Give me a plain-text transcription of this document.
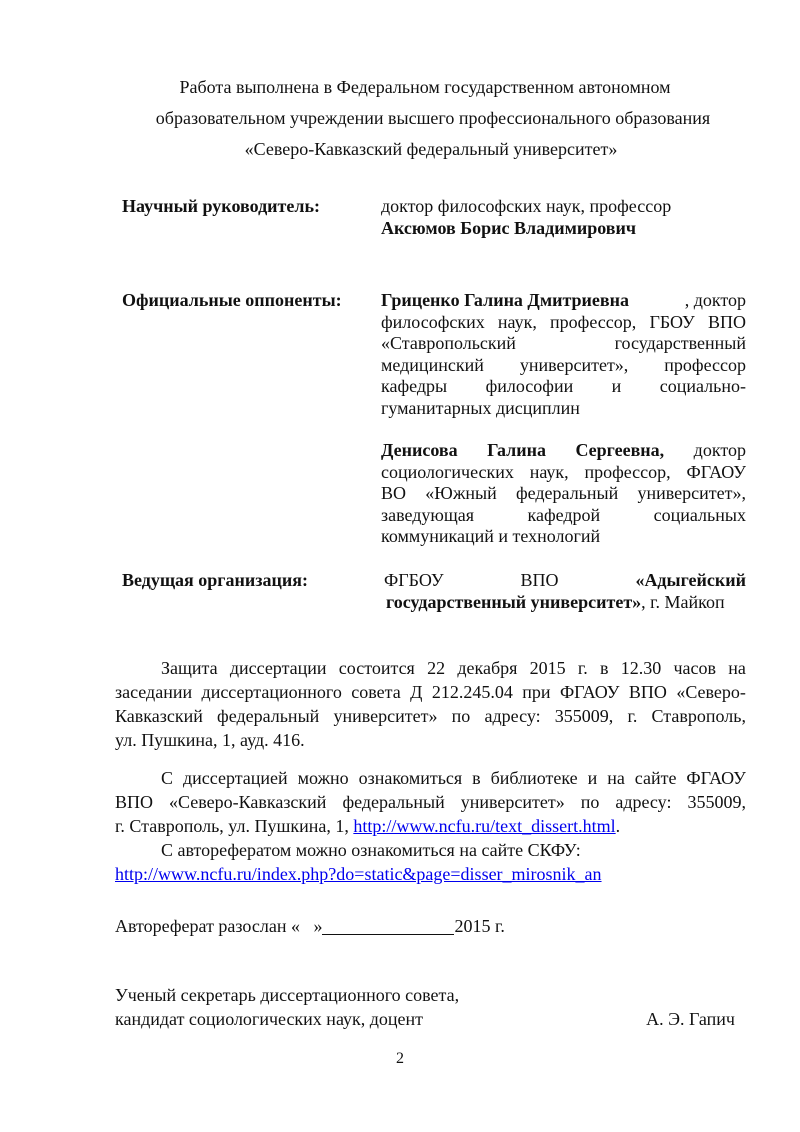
Работа выполнена в Федеральном государственном автономном
образовательном учреждении высшего профессионального образования
«Северо-Кавказский федеральный университет»
Научный руководитель:	доктор философских наук, профессор
Аксюмов Борис Владимирович
Официальные оппоненты: Гриценко Галина Дмитриевна	, доктор
философских наук, профессор, ГБОУ ВПО
«Ставропольский	государственный
медицинский университет», профессор
кафедры философии и социально-
гуманитарных дисциплин
Денисова Галина Сергеевна, доктор
социологических наук, профессор, ФГАОУ
ВО «Южный федеральный университет»,
заведующая	кафедрой	социальных
коммуникаций и технологий
Ведущая организация:	ФГБОУ	ВПО	«Адыгейский
государственный университет», г. Майкоп
Защита диссертации состоится 22 декабря 2015 г. в 12.30 часов на
заседании диссертационного совета Д 212.245.04 при ФГАОУ ВПО «Северо-
Кавказский федеральный университет» по адресу: 355009, г. Ставрополь,
ул. Пушкина, 1, ауд. 416.
С диссертацией можно ознакомиться в библиотеке и на сайте ФГАОУ
ВПО «Северо-Кавказский федеральный университет» по адресу: 355009,
г. Ставрополь, ул. Пушкина, 1, http://www.ncfu.ru/text_dissert.html .
С авторефератом можно ознакомиться на сайте СКФУ:
http://www.ncfu.ru/index.php?do=static&page=disser_mirosnik_an
Автореферат разослан «   »	2015 г.
Ученый секретарь диссертационного совета,
кандидат социологических наук, доцент	А. Э. Гапич
2
